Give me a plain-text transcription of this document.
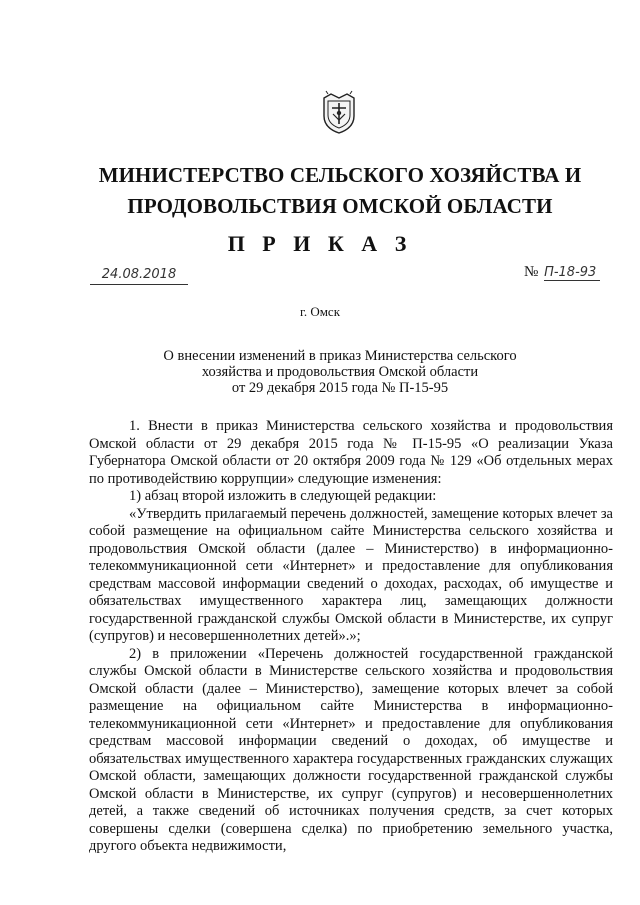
МИНИСТЕРСТВО СЕЛЬСКОГО ХОЗЯЙСТВА И
ПРОДОВОЛЬСТВИЯ ОМСКОЙ ОБЛАСТИ
П Р И К А З
24.08.2018	№ П-18-93
г. Омск
О внесении изменений в приказ Министерства сельского
хозяйства и продовольствия Омской области
от 29 декабря 2015 года № П-15-95

1. Внести в приказ Министерства сельского хозяйства и продовольствия Омской области от 29 декабря 2015 года № П-15-95 «О реализации Указа Губернатора Омской области от 20 октября 2009 года № 129 «Об отдельных мерах по противодействию коррупции» следующие изменения:

1) абзац второй изложить в следующей редакции:

«Утвердить прилагаемый перечень должностей, замещение которых влечет за собой размещение на официальном сайте Министерства сельского хозяйства и продовольствия Омской области (далее – Министерство) в информационно-телекоммуникационной сети «Интернет» и предоставление для опубликования средствам массовой информации сведений о доходах, расходах, об имуществе и обязательствах имущественного характера лиц, замещающих должности государственной гражданской службы Омской области в Министерстве, их супруг (супругов) и несовершеннолетних детей».»;

2) в приложении «Перечень должностей государственной гражданской службы Омской области в Министерстве сельского хозяйства и продовольствия Омской области (далее – Министерство), замещение которых влечет за собой размещение на официальном сайте Министерства в информационно-телекоммуникационной сети «Интернет» и предоставление для опубликования средствам массовой информации сведений о доходах, об имуществе и обязательствах имущественного характера государственных гражданских служащих Омской области, замещающих должности государственной гражданской службы Омской области в Министерстве, их супруг (супругов) и несовершеннолетних детей, а также сведений об источниках получения средств, за счет которых совершены сделки (совершена сделка) по приобретению земельного участка, другого объекта недвижимости,
